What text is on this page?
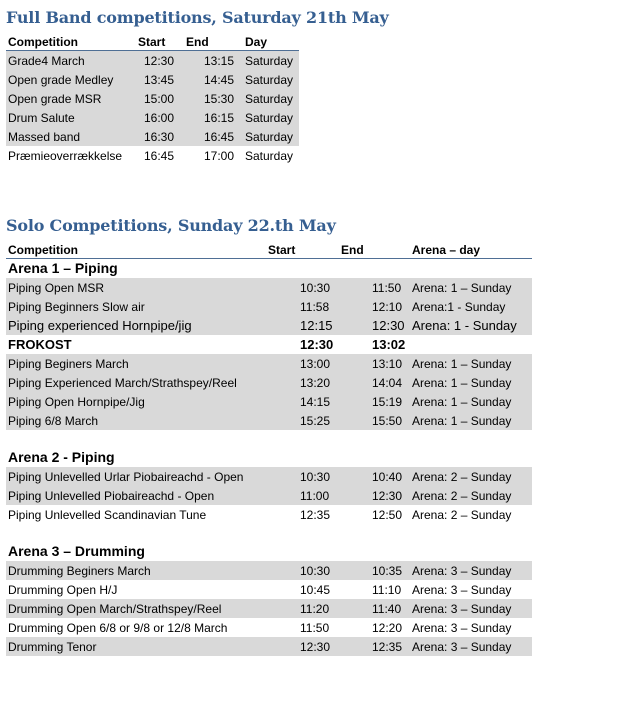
Full Band competitions, Saturday 21th May
Competition	Start End	Day
Grade4 March	12:30 13:15 Saturday
Open grade Medley	13:45 14:45 Saturday
Open grade MSR	15:00 15:30 Saturday
Drum Salute	16:00 16:15 Saturday
Massed band	16:30 16:45 Saturday
Præmieoverrækkelse 16:45 17:00 Saturday
Solo Competitions, Sunday 22.th May
Competition	Start	End	Arena – day
Arena 1 – Piping
Piping Open MSR	10:30	11:50 Arena: 1 – Sunday
Piping Beginners Slow air	11:58	12:10 Arena:1 - Sunday
Piping experienced Hornpipe/jig	12:15	12:30 Arena: 1 - Sunday
FROKOST	12:30	13:02
Piping Beginers March	13:00	13:10 Arena: 1 – Sunday
Piping Experienced March/Strathspey/Reel	13:20	14:04 Arena: 1 – Sunday
Piping Open Hornpipe/Jig	14:15	15:19 Arena: 1 – Sunday
Piping 6/8 March	15:25	15:50 Arena: 1 – Sunday
Arena 2 - Piping
Piping Unlevelled Urlar Piobaireachd - Open	10:30	10:40 Arena: 2 – Sunday
Piping Unlevelled Piobaireachd - Open	11:00	12:30 Arena: 2 – Sunday
Piping Unlevelled Scandinavian Tune	12:35	12:50 Arena: 2 – Sunday
Arena 3 – Drumming
Drumming Beginers March	10:30	10:35 Arena: 3 – Sunday
Drumming Open H/J	10:45	11:10 Arena: 3 – Sunday
Drumming Open March/Strathspey/Reel	11:20	11:40 Arena: 3 – Sunday
Drumming Open 6/8 or 9/8 or 12/8 March	11:50	12:20 Arena: 3 – Sunday
Drumming Tenor	12:30	12:35 Arena: 3 – Sunday
